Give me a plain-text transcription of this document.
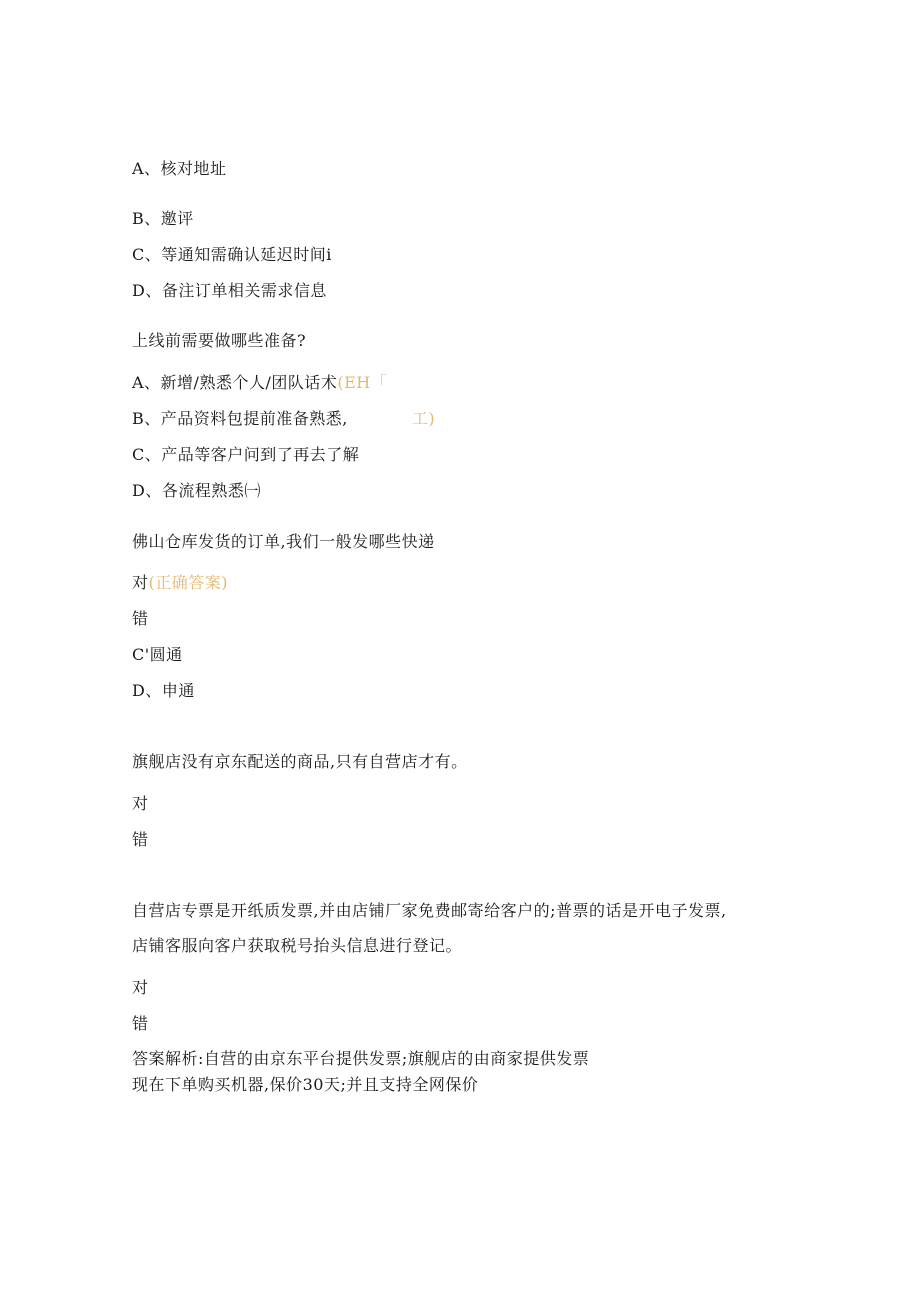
A、核对地址
B、邀评
C、等通知需确认延迟时间i
D、备注订单相关需求信息
上线前需要做哪些准备?
A、新增/熟悉个人/团队话术(EH「
B、产品资料包提前准备熟悉,	工)
C、产品等客户问到了再去了解
D、各流程熟悉㈠
佛山仓库发货的订单,我们一般发哪些快递
对(正确答案)
错
C'圆通
D、申通
旗舰店没有京东配送的商品,只有自营店才有。
对
错
自营店专票是开纸质发票,并由店铺厂家免费邮寄给客户的;普票的话是开电子发票,
店铺客服向客户获取税号抬头信息进行登记。
对
错
答案解析:自营的由京东平台提供发票;旗舰店的由商家提供发票
现在下单购买机器,保价30天;并且支持全网保价
